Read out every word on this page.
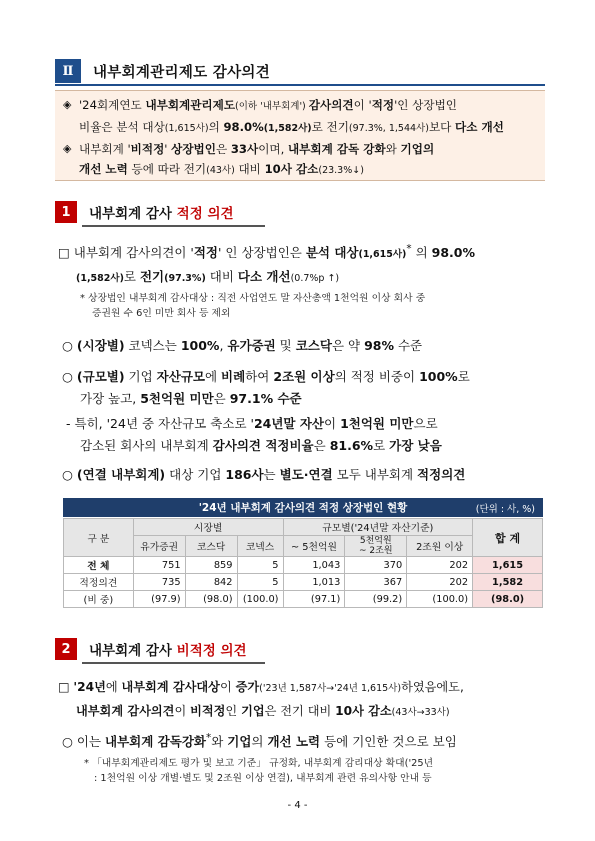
Ⅱ	내부회계관리제도 감사의견
◈ '24회계연도 내부회계관리제도(이하 '내부회계') 감사의견이 '적정'인 상장법인
비율은 분석 대상(1,615사)의 98.0%(1,582사)로 전기(97.3%, 1,544사)보다 다소 개선
◈ 내부회계 '비적정' 상장법인은 33사이며, 내부회계 감독 강화와 기업의
개선 노력 등에 따라 전기(43사) 대비 10사 감소(23.3%↓)
1	내부회계 감사 적정 의견
□ 내부회계 감사의견이 '적정' 인 상장법인은 분석 대상(1,615사)* 의 98.0%
(1,582사)로 전기(97.3%) 대비 다소 개선(0.7%p ↑)
* 상장법인 내부회계 감사대상 : 직전 사업연도 말 자산총액 1천억원 이상 회사 중
증권원 수 6인 미만 회사 등 제외
○ (시장별) 코넥스는 100%, 유가증권 및 코스닥은 약 98% 수준
○ (규모별) 기업 자산규모에 비례하여 2조원 이상의 적정 비중이 100%로
가장 높고, 5천억원 미만은 97.1% 수준
- 특히, '24년 중 자산규모 축소로 '24년말 자산이 1천억원 미만으로
감소된 회사의 내부회계 감사의견 적정비율은 81.6%로 가장 낮음
○ (연결 내부회계) 대상 기업 186사는 별도·연결 모두 내부회계 적정의견
'24년 내부회계 감사의견 적정 상장법인 현황	(단위 : 사, %)
구 분	시장별			규모별('24년말 자산기준)			합 계
	유가증권	코스닥	코넥스	~ 5천억원	5천억원
~ 2조원	2조원 이상	
전 체	751	859	5	1,043	370	202	1,615
적정의견	735	842	5	1,013	367	202	1,582
(비 중)	(97.9)	(98.0)	(100.0)	(97.1)	(99.2)	(100.0)	(98.0)
2	내부회계 감사 비적정 의견
□ '24년에 내부회계 감사대상이 증가('23년 1,587사→'24년 1,615사)하였음에도,
내부회계 감사의견이 비적정인 기업은 전기 대비 10사 감소(43사→33사)
○ 이는 내부회계 감독강화*와 기업의 개선 노력 등에 기인한 것으로 보임
* 「내부회계관리제도 평가 및 보고 기준」 규정화, 내부회계 감리대상 확대('25년
: 1천억원 이상 개별·별도 및 2조원 이상 연결), 내부회계 관련 유의사항 안내 등
- 4 -
